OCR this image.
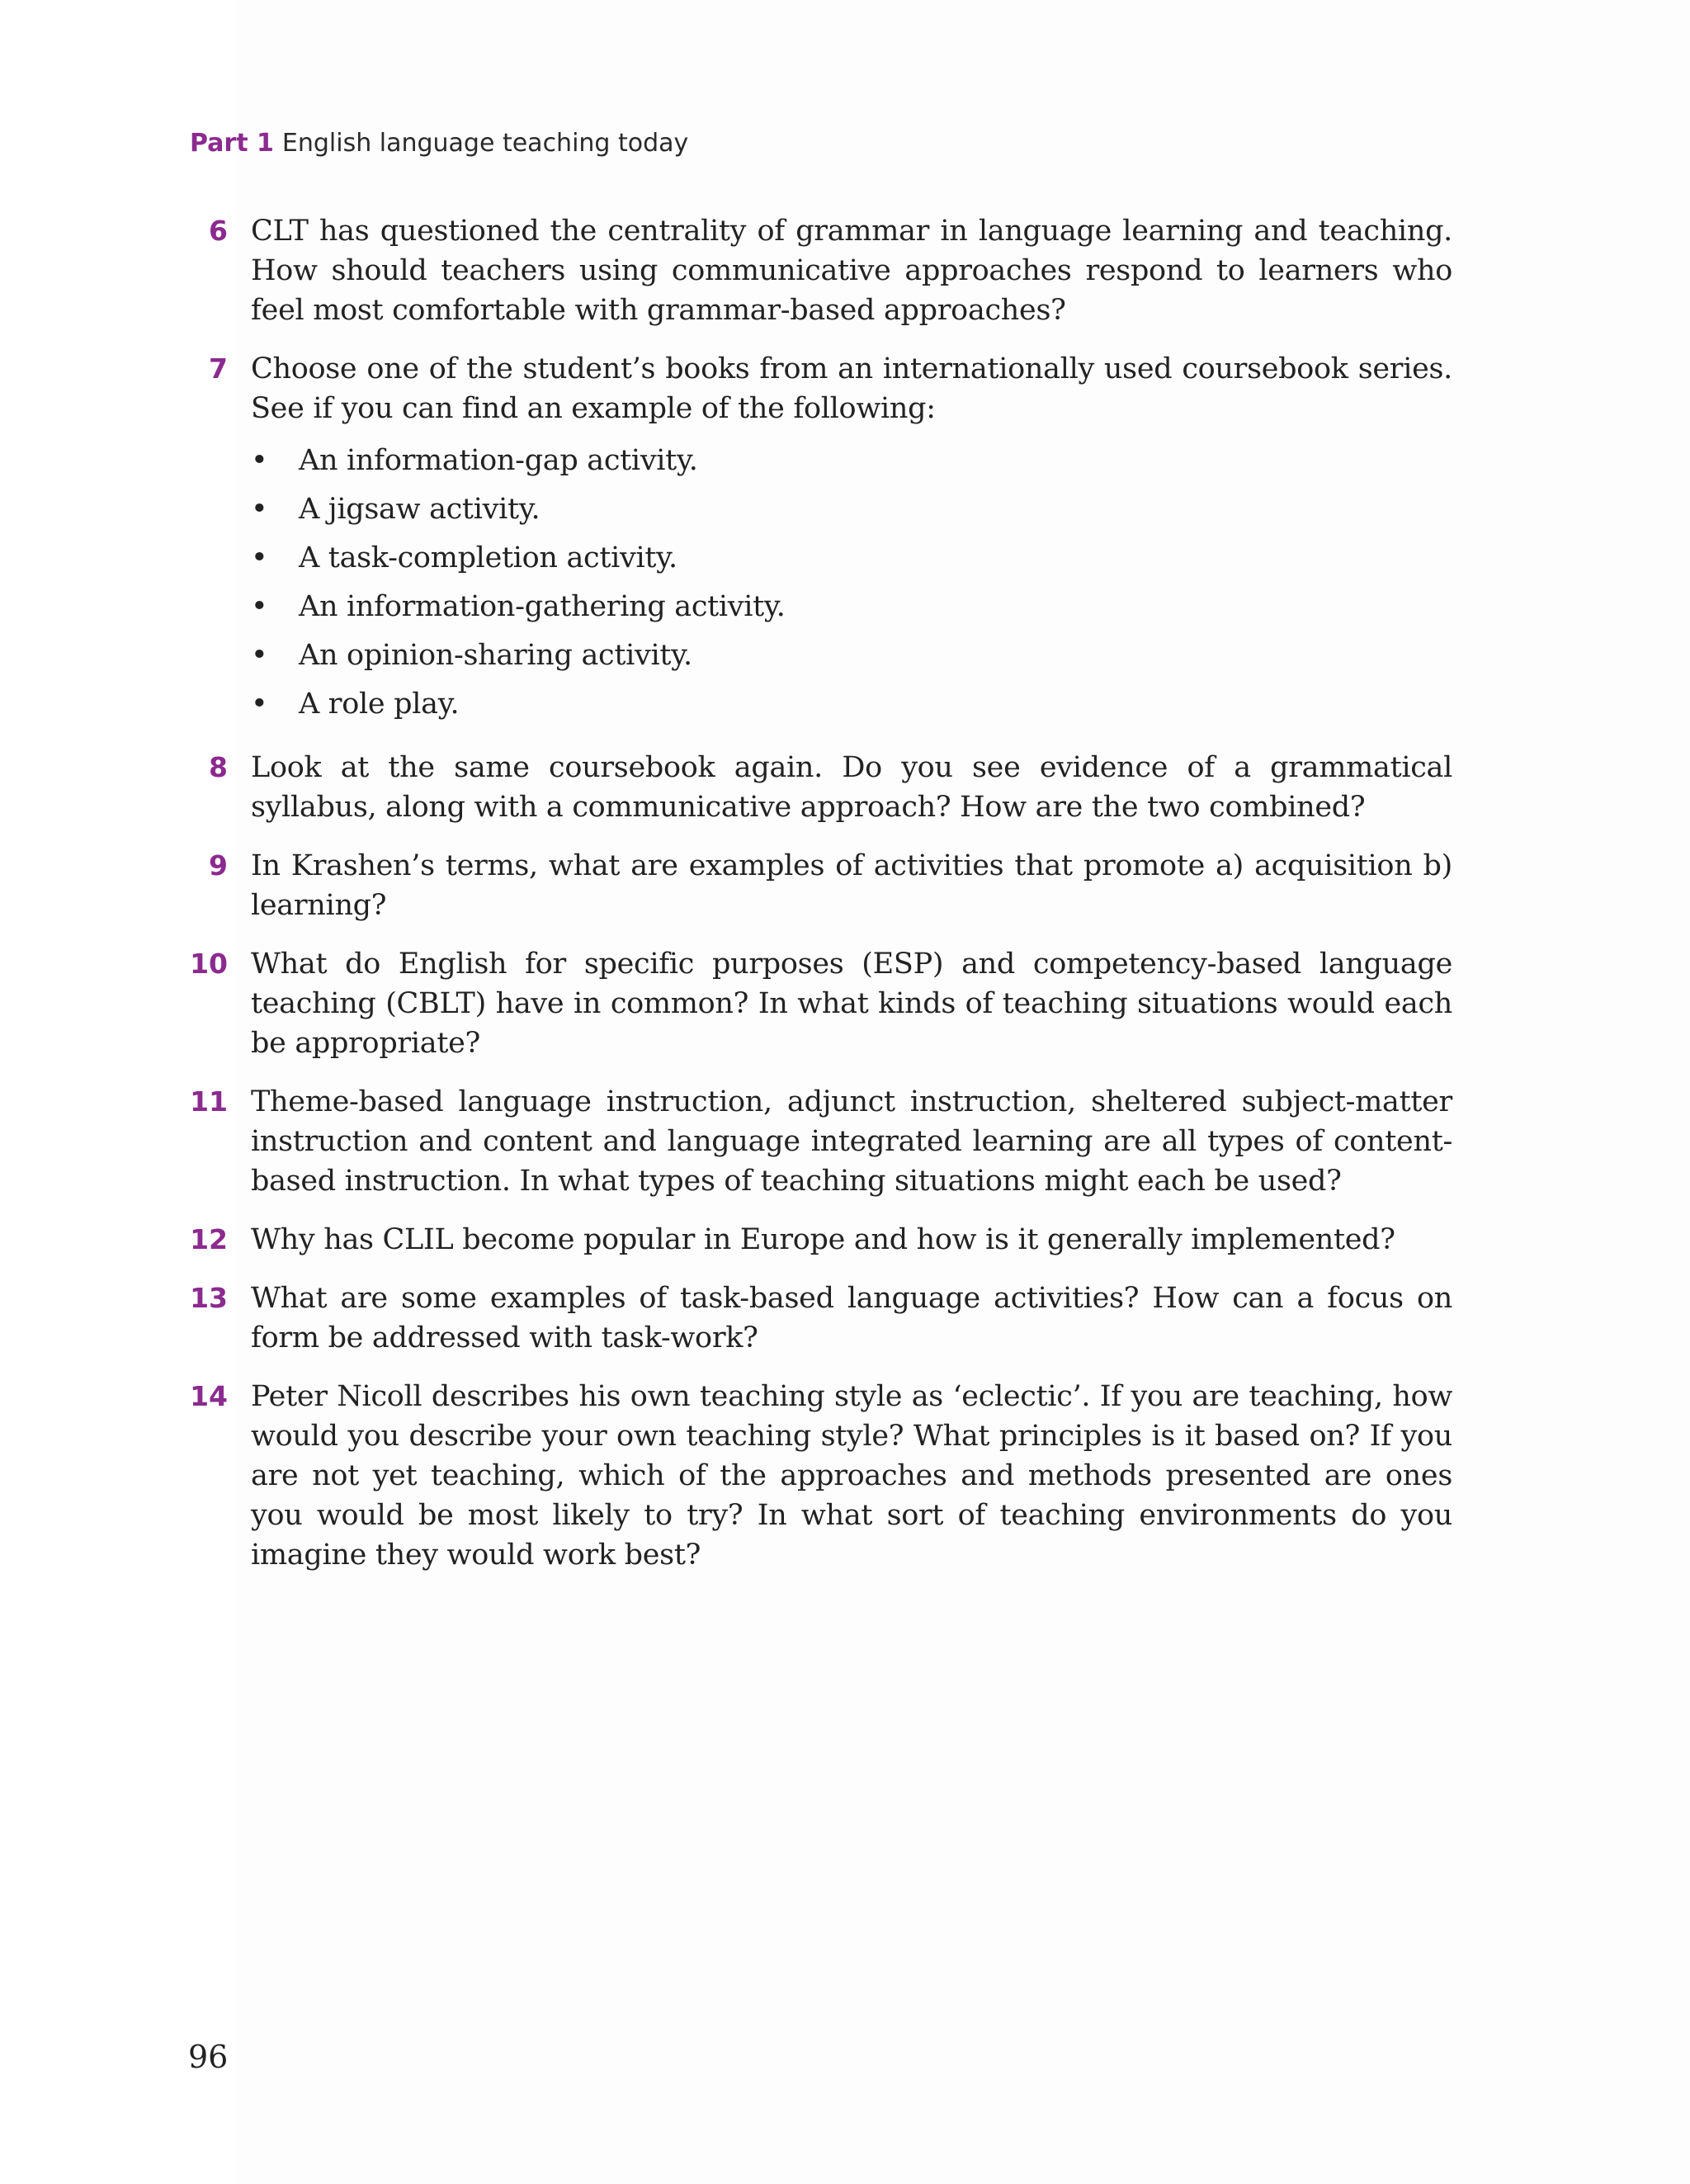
Part 1 English language teaching today
6 CLT has questioned the centrality of grammar in language learning and teaching. How should teachers using communicative approaches respond to learners who feel most comfortable with grammar-based approaches?
7 Choose one of the student’s books from an internationally used coursebook series. See if you can find an example of the following:
• An information-gap activity.
• A jigsaw activity.
• A task-completion activity.
• An information-gathering activity.
• An opinion-sharing activity.
• A role play.
8 Look at the same coursebook again. Do you see evidence of a grammatical syllabus, along with a communicative approach? How are the two combined?
9 In Krashen’s terms, what are examples of activities that promote a) acquisition b) learning?
10 What do English for specific purposes (ESP) and competency-based language teaching (CBLT) have in common? In what kinds of teaching situations would each be appropriate?
11 Theme-based language instruction, adjunct instruction, sheltered subject-matter instruction and content and language integrated learning are all types of content-based instruction. In what types of teaching situations might each be used?
12 Why has CLIL become popular in Europe and how is it generally implemented?
13 What are some examples of task-based language activities? How can a focus on form be addressed with task-work?
14 Peter Nicoll describes his own teaching style as ‘eclectic’. If you are teaching, how would you describe your own teaching style? What principles is it based on? If you are not yet teaching, which of the approaches and methods presented are ones you would be most likely to try? In what sort of teaching environments do you imagine they would work best?
96
